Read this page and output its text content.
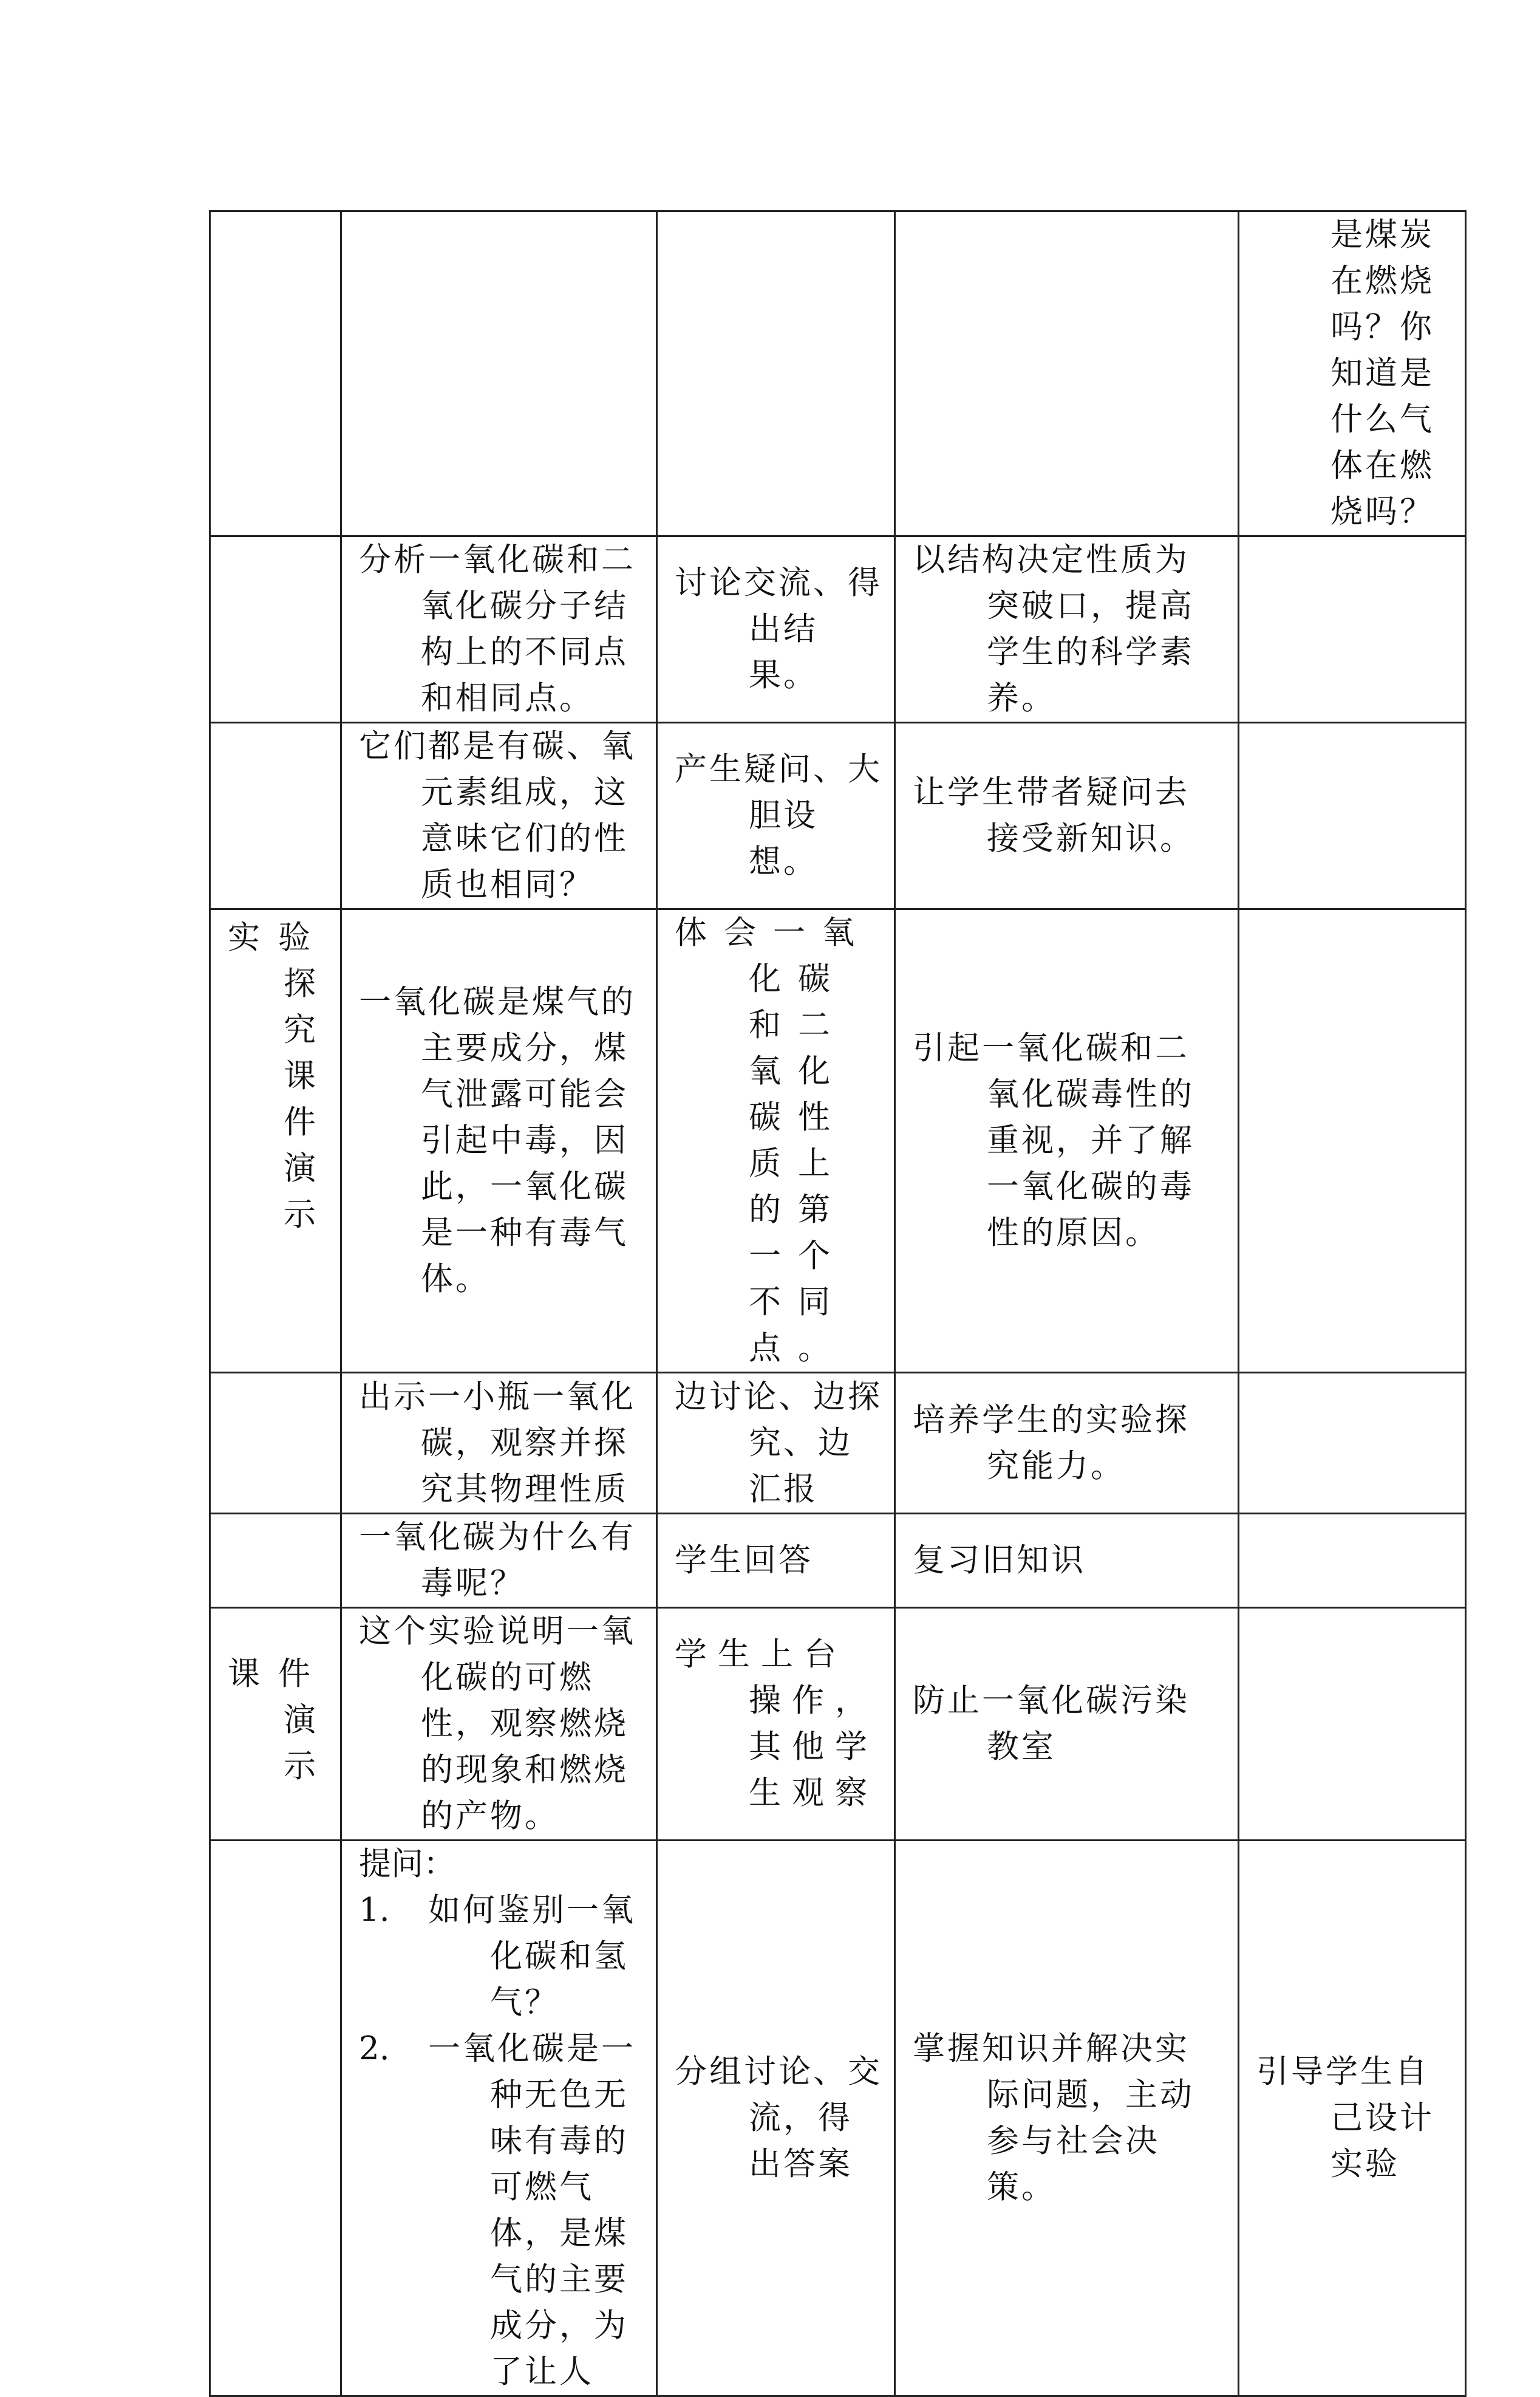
				是煤炭在燃烧吗？你知道是什么气体在燃烧吗？

	分析一氧化碳和二氧化碳分子结构上的不同点和相同点。	讨论交流、得出结果。	以结构决定性质为突破口，提高学生的科学素养。	

	它们都是有碳、氧元素组成，这意味它们的性质也相同？	产生疑问、大胆设想。	让学生带者疑问去接受新知识。	

实验探究课件演示	一氧化碳是煤气的主要成分，煤气泄露可能会引起中毒，因此，一氧化碳是一种有毒气体。	体会一氧化碳和二氧化碳性质上的第一个不同点。	引起一氧化碳和二氧化碳毒性的重视，并了解一氧化碳的毒性的原因。	

	出示一小瓶一氧化碳，观察并探究其物理性质	边讨论、边探究、边汇报	培养学生的实验探究能力。	

	一氧化碳为什么有毒呢？	学生回答	复习旧知识	

课件演示	这个实验说明一氧化碳的可燃性，观察燃烧的现象和燃烧的产物。	学生上台操作，其他学生观察	防止一氧化碳污染教室	

	提问：
1. 如何鉴别一氧化碳和氢气？
2. 一氧化碳是一种无色无味有毒的可燃气体，是煤气的主要成分，为了让人	分组讨论、交流，得出答案	掌握知识并解决实际问题，主动参与社会决策。	引导学生自己设计实验
